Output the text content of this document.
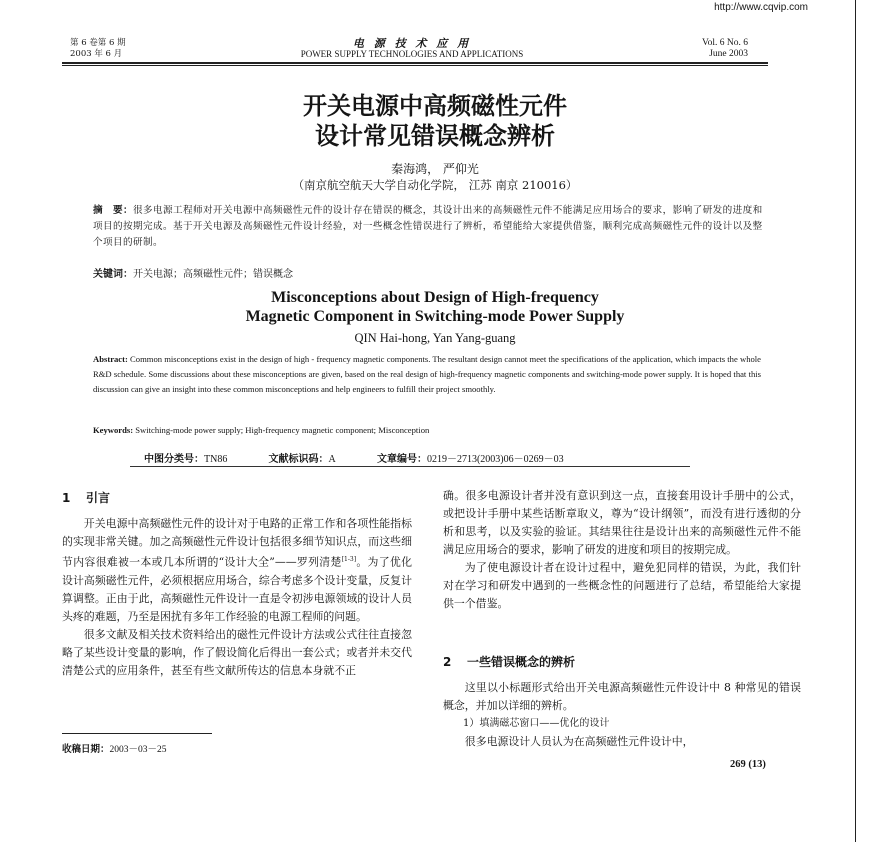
http://www.cqvip.com
第 6 卷第 6 期
2003 年 6 月
电 源 技 术 应 用
POWER SUPPLY TECHNOLOGIES AND APPLICATIONS
Vol. 6 No. 6
June 2003
开关电源中高频磁性元件
设计常见错误概念辨析
秦海鸿， 严仰光
（南京航空航天大学自动化学院， 江苏 南京 210016）
摘　要：很多电源工程师对开关电源中高频磁性元件的设计存在错误的概念，其设计出来的高频磁性元件不能满足应用场合的要求，影响了研发的进度和项目的按期完成。基于开关电源及高频磁性元件设计经验，对一些概念性错误进行了辨析，希望能给大家提供借鉴，顺利完成高频磁性元件的设计以及整个项目的研制。
关键词：开关电源；高频磁性元件；错误概念
Misconceptions about Design of High-frequency
Magnetic Component in Switching-mode Power Supply
QIN Hai-hong, Yan Yang-guang
Abstract: Common misconceptions exist in the design of high - frequency magnetic components. The resultant design cannot meet the specifications of the application, which impacts the whole R&D schedule. Some discussions about these misconceptions are given, based on the real design of high-frequency magnetic components and switching-mode power supply. It is hoped that this discussion can give an insight into these common misconceptions and help engineers to fulfill their project smoothly.
Keywords: Switching-mode power supply; High-frequency magnetic component; Misconception
中图分类号：TN86	文献标识码：A	文章编号：0219－2713(2003)06－0269－03
1 引言

开关电源中高频磁性元件的设计对于电路的正常工作和各项性能指标的实现非常关键。加之高频磁性元件设计包括很多细节知识点，而这些细节内容很难被一本或几本所谓的“设计大全”——罗列清楚[1-3]。为了优化设计高频磁性元件，必须根据应用场合，综合考虑多个设计变量，反复计算调整。正由于此，高频磁性元件设计一直是令初涉电源领域的设计人员头疼的难题，乃至是困扰有多年工作经验的电源工程师的问题。

很多文献及相关技术资料给出的磁性元件设计方法或公式往往直接忽略了某些设计变量的影响，作了假设简化后得出一套公式；或者并未交代清楚公式的应用条件，甚至有些文献所传达的信息本身就不正

收稿日期：2003－03－25

确。很多电源设计者并没有意识到这一点，直接套用设计手册中的公式，或把设计手册中某些话断章取义，尊为“设计纲领”，而没有进行透彻的分析和思考，以及实验的验证。其结果往往是设计出来的高频磁性元件不能满足应用场合的要求，影响了研发的进度和项目的按期完成。

为了使电源设计者在设计过程中，避免犯同样的错误，为此，我们针对在学习和研发中遇到的一些概念性的问题进行了总结，希望能给大家提供一个借鉴。

2 一些错误概念的辨析

这里以小标题形式给出开关电源高频磁性元件设计中 8 种常见的错误概念，并加以详细的辨析。

1）填满磁芯窗口——优化的设计

很多电源设计人员认为在高频磁性元件设计中，

269 (13)
